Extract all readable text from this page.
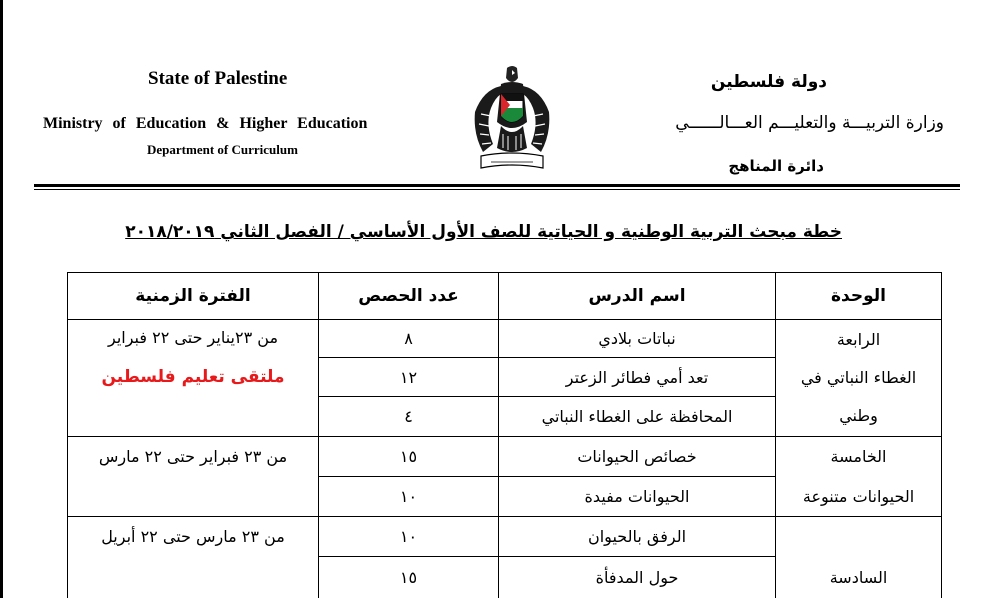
State of Palestine
Ministry of Education & Higher Education
Department of Curriculum
دولة فلسطين
وزارة التربيـــة والتعليـــم العـــالــــــي
دائرة المناهج
خطة مبحث التربية الوطنية و الحياتية للصف الأول الأساسي / الفصل الثاني ٢٠١٨/٢٠١٩
الوحدة
اسم الدرس
عدد الحصص
الفترة الزمنية
الرابعة
الغطاء النباتي في
وطني
الخامسة
الحيوانات متنوعة
السادسة
نباتات بلادي
تعد أمي فطائر الزعتر
المحافظة على الغطاء النباتي
خصائص الحيوانات
الحيوانات مفيدة
الرفق بالحيوان
حول المدفأة
٨
١٢
٤
١٥
١٠
١٠
١٥
من ٢٣يناير حتى ٢٢ فبراير
ملتقى تعليم فلسطين
من ٢٣ فبراير حتى ٢٢ مارس
من ٢٣ مارس حتى ٢٢ أبريل
